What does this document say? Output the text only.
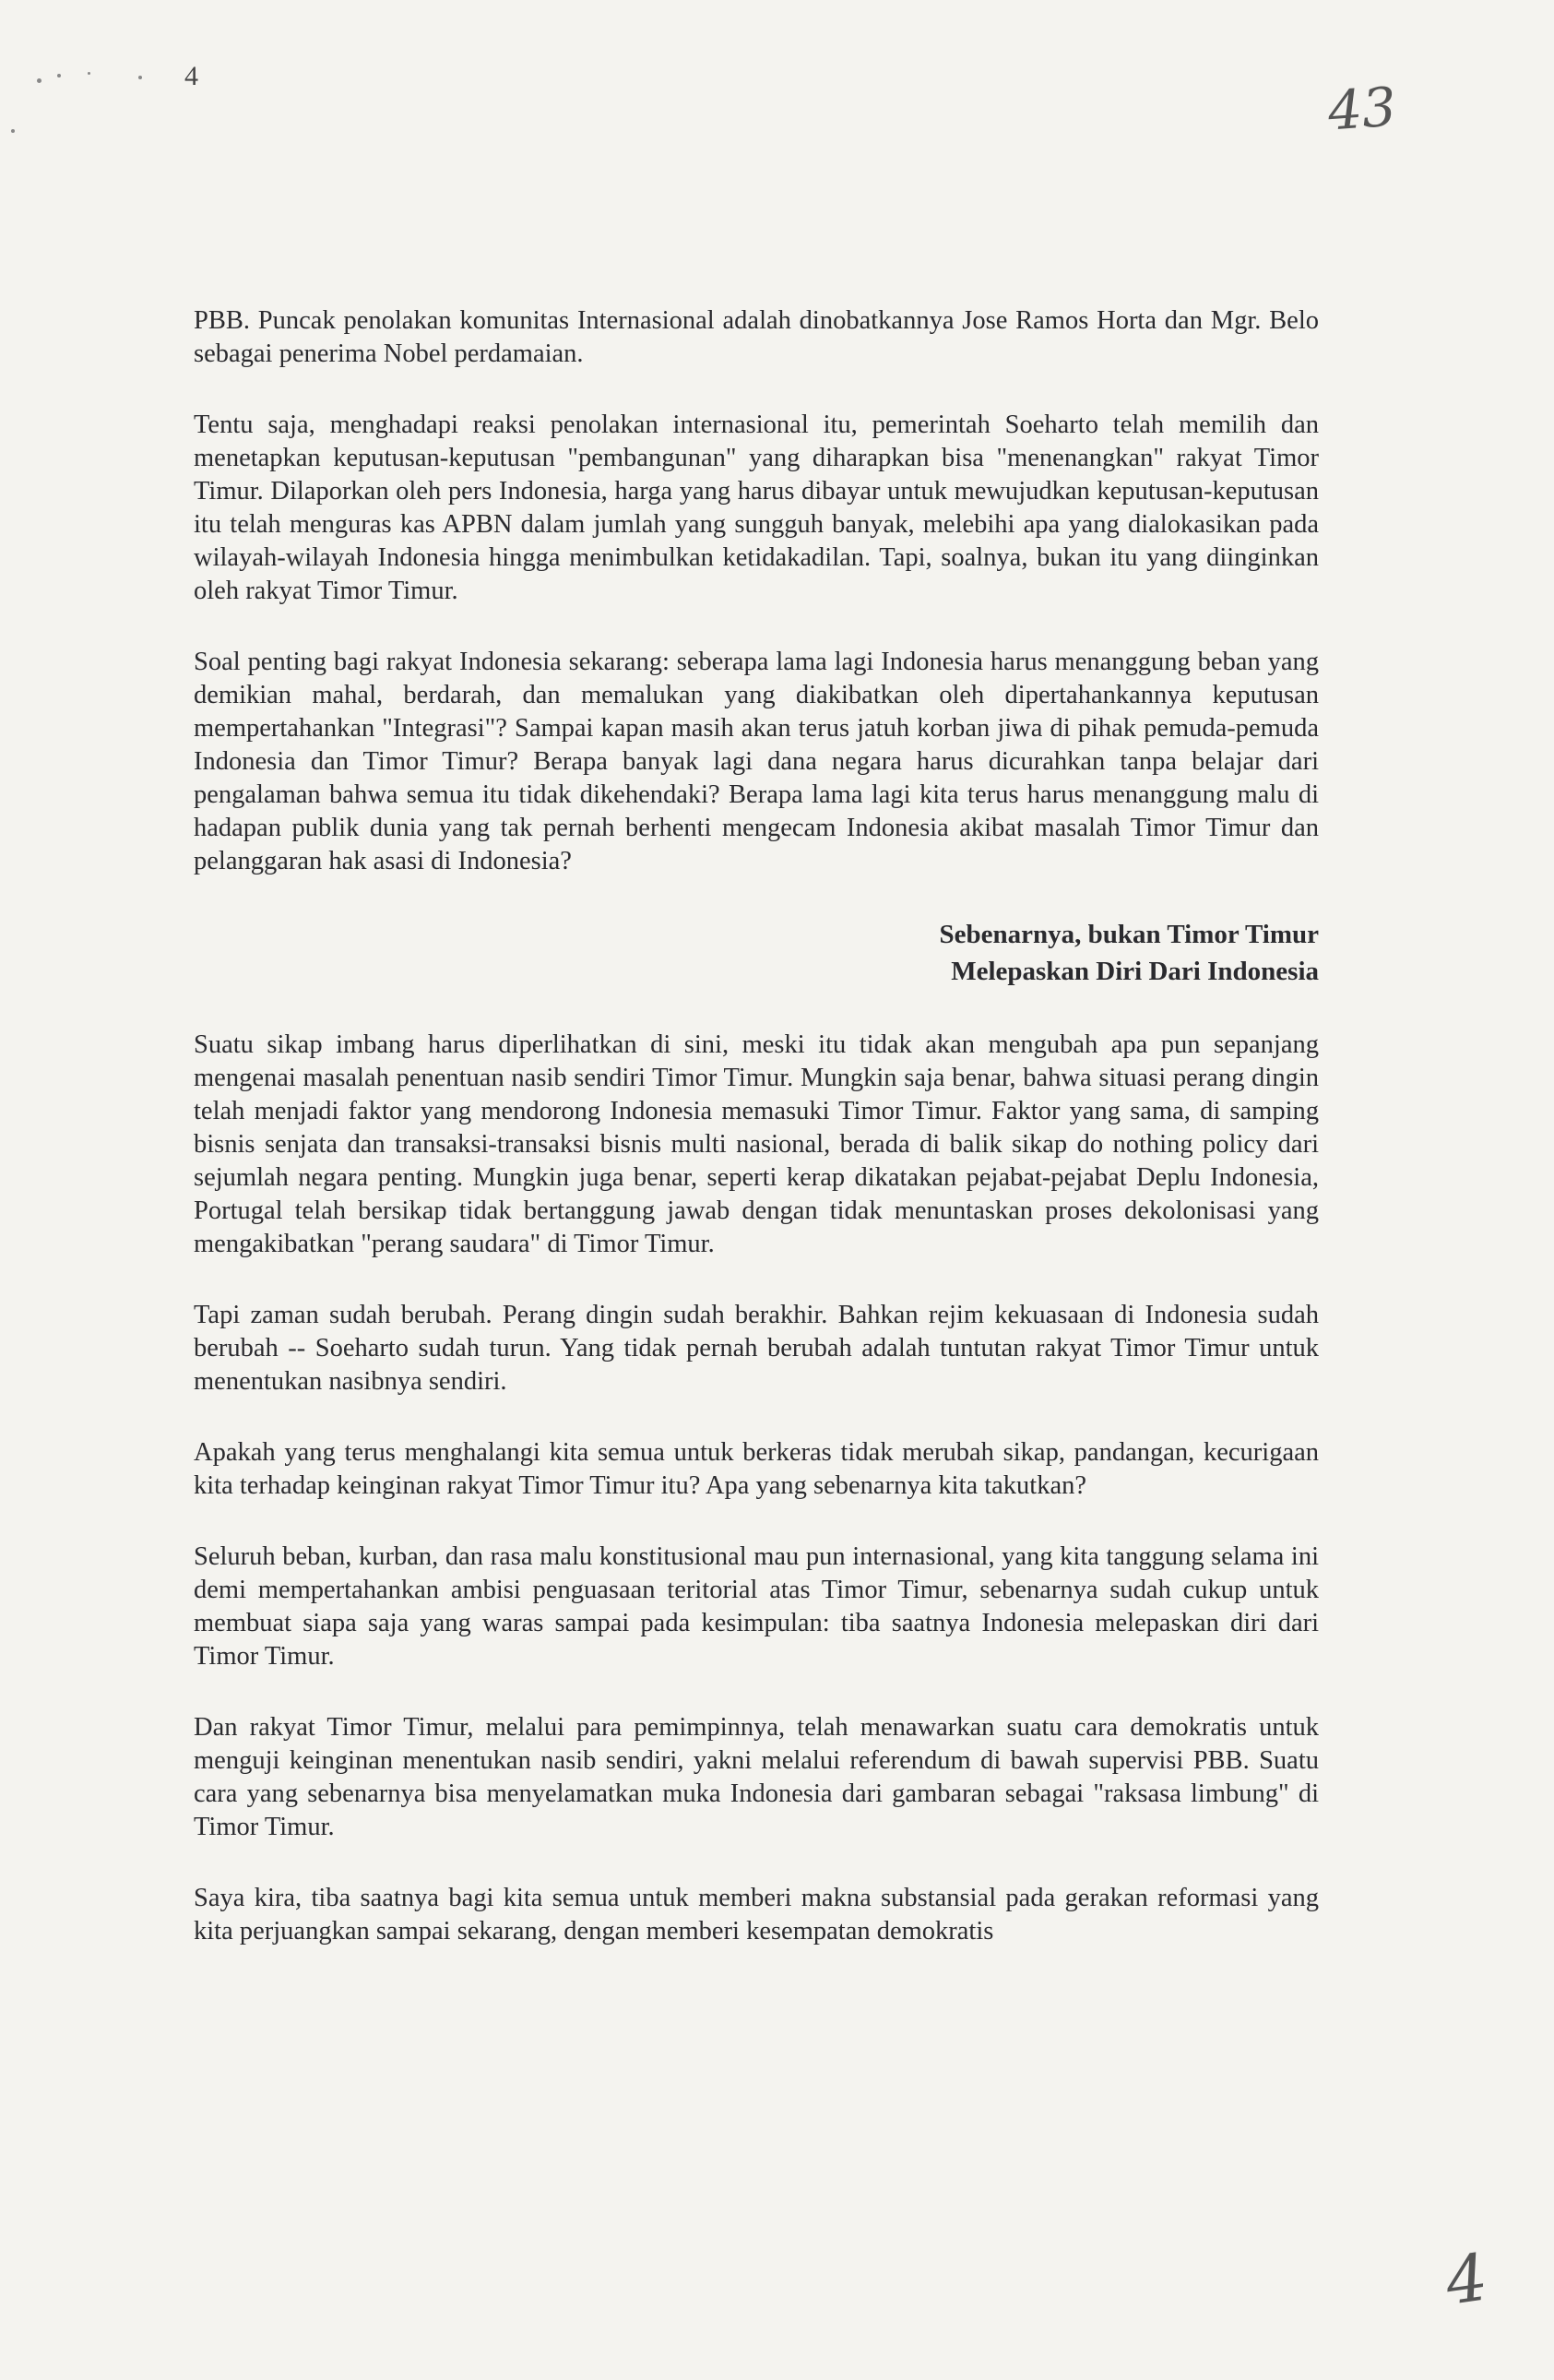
4	43

PBB. Puncak penolakan komunitas Internasional adalah dinobatkannya Jose Ramos Horta dan Mgr. Belo sebagai penerima Nobel perdamaian.

Tentu saja, menghadapi reaksi penolakan internasional itu, pemerintah Soeharto telah memilih dan menetapkan keputusan-keputusan "pembangunan" yang diharapkan bisa "menenangkan" rakyat Timor Timur. Dilaporkan oleh pers Indonesia, harga yang harus dibayar untuk mewujudkan keputusan-keputusan itu telah menguras kas APBN dalam jumlah yang sungguh banyak, melebihi apa yang dialokasikan pada wilayah-wilayah Indonesia hingga menimbulkan ketidakadilan. Tapi, soalnya, bukan itu yang diinginkan oleh rakyat Timor Timur.

Soal penting bagi rakyat Indonesia sekarang: seberapa lama lagi Indonesia harus menanggung beban yang demikian mahal, berdarah, dan memalukan yang diakibatkan oleh dipertahankannya keputusan mempertahankan "Integrasi"? Sampai kapan masih akan terus jatuh korban jiwa di pihak pemuda-pemuda Indonesia dan Timor Timur? Berapa banyak lagi dana negara harus dicurahkan tanpa belajar dari pengalaman bahwa semua itu tidak dikehendaki? Berapa lama lagi kita terus harus menanggung malu di hadapan publik dunia yang tak pernah berhenti mengecam Indonesia akibat masalah Timor Timur dan pelanggaran hak asasi di Indonesia?

Sebenarnya, bukan Timor Timur
Melepaskan Diri Dari Indonesia

Suatu sikap imbang harus diperlihatkan di sini, meski itu tidak akan mengubah apa pun sepanjang mengenai masalah penentuan nasib sendiri Timor Timur. Mungkin saja benar, bahwa situasi perang dingin telah menjadi faktor yang mendorong Indonesia memasuki Timor Timur. Faktor yang sama, di samping bisnis senjata dan transaksi-transaksi bisnis multi nasional, berada di balik sikap do nothing policy dari sejumlah negara penting. Mungkin juga benar, seperti kerap dikatakan pejabat-pejabat Deplu Indonesia, Portugal telah bersikap tidak bertanggung jawab dengan tidak menuntaskan proses dekolonisasi yang mengakibatkan "perang saudara" di Timor Timur.

Tapi zaman sudah berubah. Perang dingin sudah berakhir. Bahkan rejim kekuasaan di Indonesia sudah berubah -- Soeharto sudah turun. Yang tidak pernah berubah adalah tuntutan rakyat Timor Timur untuk menentukan nasibnya sendiri.

Apakah yang terus menghalangi kita semua untuk berkeras tidak merubah sikap, pandangan, kecurigaan kita terhadap keinginan rakyat Timor Timur itu? Apa yang sebenarnya kita takutkan?

Seluruh beban, kurban, dan rasa malu konstitusional mau pun internasional, yang kita tanggung selama ini demi mempertahankan ambisi penguasaan teritorial atas Timor Timur, sebenarnya sudah cukup untuk membuat siapa saja yang waras sampai pada kesimpulan: tiba saatnya Indonesia melepaskan diri dari Timor Timur.

Dan rakyat Timor Timur, melalui para pemimpinnya, telah menawarkan suatu cara demokratis untuk menguji keinginan menentukan nasib sendiri, yakni melalui referendum di bawah supervisi PBB. Suatu cara yang sebenarnya bisa menyelamatkan muka Indonesia dari gambaran sebagai "raksasa limbung" di Timor Timur.

Saya kira, tiba saatnya bagi kita semua untuk memberi makna substansial pada gerakan reformasi yang kita perjuangkan sampai sekarang, dengan memberi kesempatan demokratis

4
